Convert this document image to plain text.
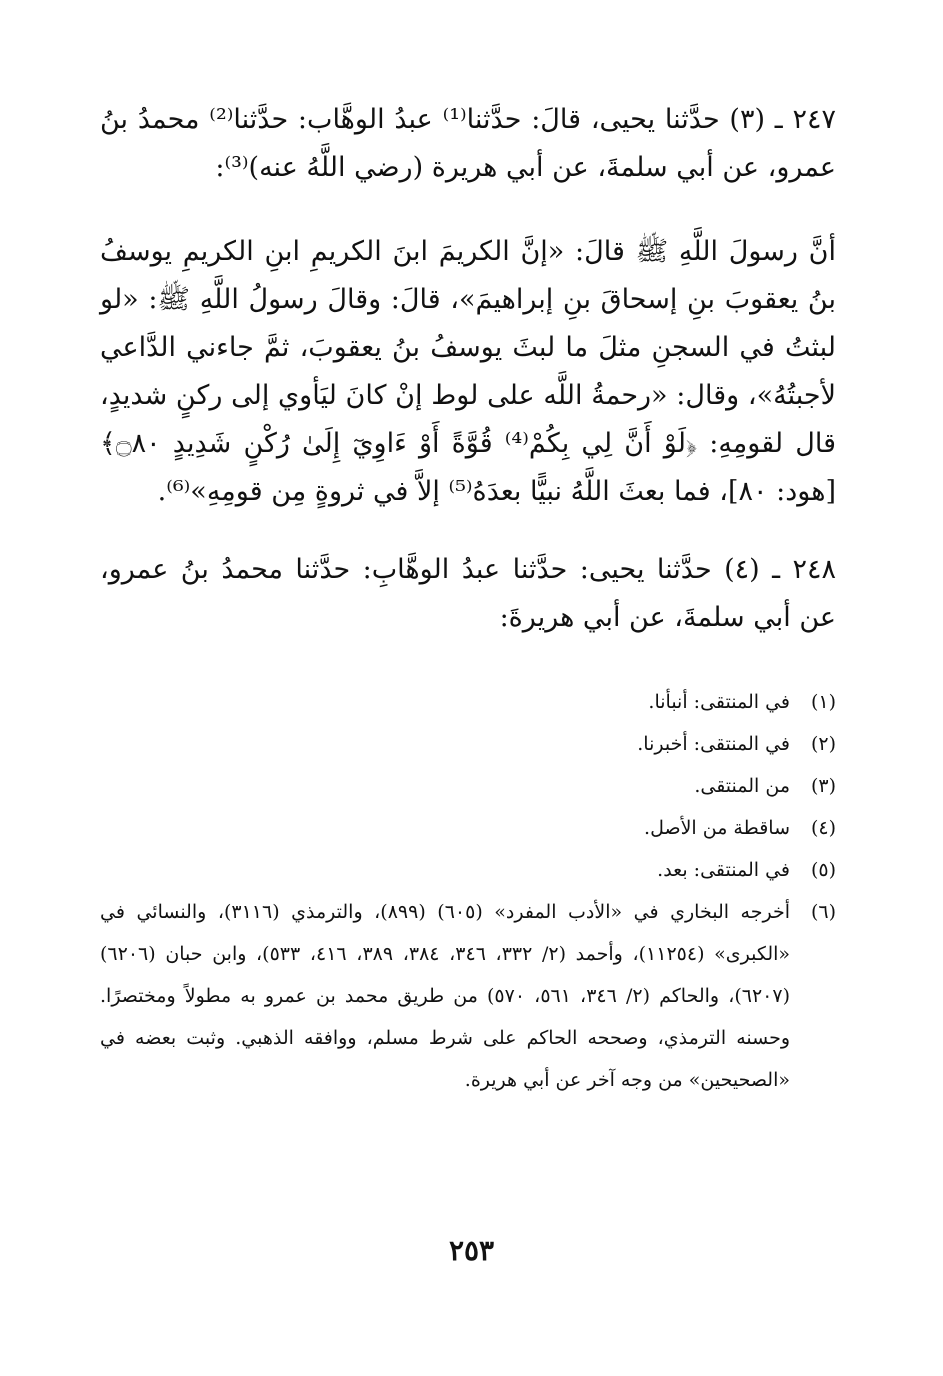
٢٤٧ ـ (٣) حدَّثنا يحيى، قالَ: حدَّثنا⁽¹⁾ عبدُ الوهَّاب: حدَّثنا⁽²⁾ محمدُ بنُ عمرو، عن أبي سلمةَ، عن أبي هريرة (رضي اللَّهُ عنه)⁽³⁾:

أنَّ رسولَ اللَّهِ ﷺ قالَ: «إنَّ الكريمَ ابنَ الكريمِ ابنِ الكريمِ يوسفُ بنُ يعقوبَ بنِ إسحاقَ بنِ إبراهيمَ»، قالَ: وقالَ رسولُ اللَّهِ ﷺ: «لو لبثتُ في السجنِ مثلَ ما لبثَ يوسفُ بنُ يعقوبَ، ثمَّ جاءني الدَّاعي لأجبتُهُ»، وقال: «رحمةُ اللَّه على لوط إنْ كانَ ليَأوي إلى ركنٍ شديدٍ، قال لقومِهِ: ﴿لَوْ أَنَّ لِي بِكُمْ⁽⁴⁾ قُوَّةً أَوْ ءَاوِيٓ إِلَىٰ رُكْنٍ شَدِيدٍ ۝٨٠﴾ [هود: ٨٠]، فما بعثَ اللَّهُ نبيًّا بعدَهُ⁽⁵⁾ إلاَّ في ثروةٍ مِن قومِهِ»⁽⁶⁾.

٢٤٨ ـ (٤) حدَّثنا يحيى: حدَّثنا عبدُ الوهَّابِ: حدَّثنا محمدُ بنُ عمرو، عن أبي سلمةَ، عن أبي هريرةَ:

(١)
في المنتقى: أنبأنا.
(٢)
في المنتقى: أخبرنا.
(٣)
من المنتقى.
(٤)
ساقطة من الأصل.
(٥)
في المنتقى: بعد.
(٦)
أخرجه البخاري في «الأدب المفرد» (٦٠٥) (٨٩٩)، والترمذي (٣١١٦)، والنسائي في «الكبرى» (١١٢٥٤)، وأحمد (٢/ ٣٣٢، ٣٤٦، ٣٨٤، ٣٨٩، ٤١٦، ٥٣٣)، وابن حبان (٦٢٠٦) (٦٢٠٧)، والحاكم (٢/ ٣٤٦، ٥٦١، ٥٧٠) من طريق محمد بن عمرو به مطولاً ومختصرًا. وحسنه الترمذي، وصححه الحاكم على شرط مسلم، ووافقه الذهبي. وثبت بعضه في «الصحيحين» من وجه آخر عن أبي هريرة.
٢٥٣
